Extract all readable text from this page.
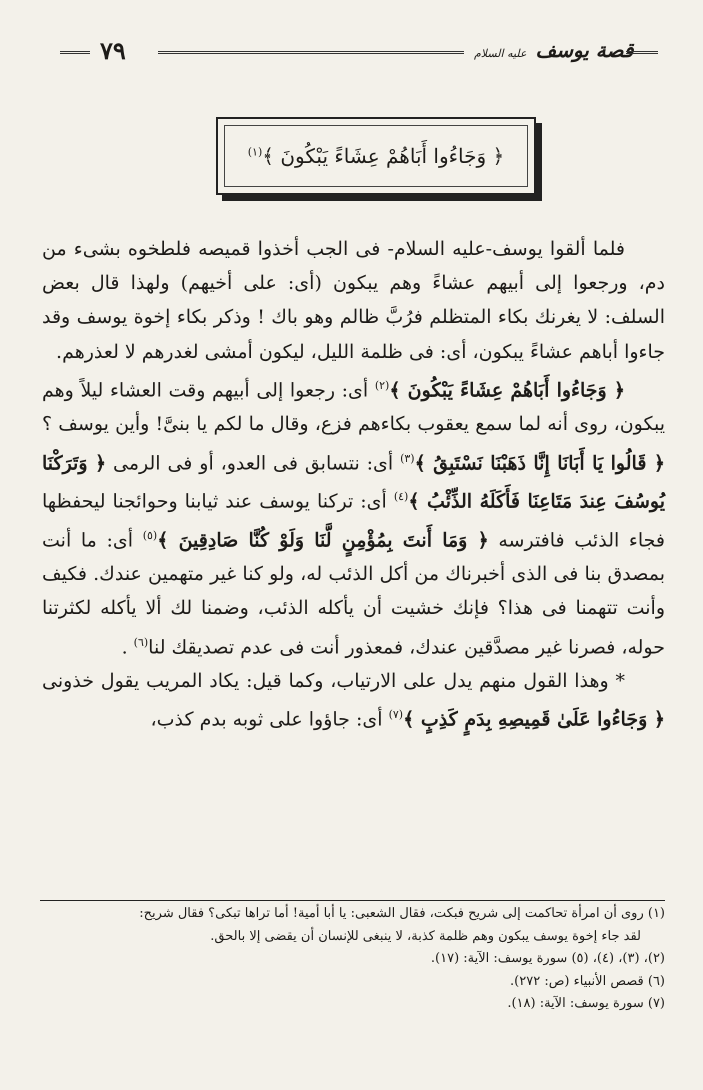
٧٩	قصة يوسف عليه السلام
﴿ وَجَاءُوا أَبَاهُمْ عِشَاءً يَبْكُونَ ﴾$^{(١)}$

فلما ألقوا يوسف-عليه السلام- فى الجب أخذوا قميصه فلطخوه بشىء من دم، ورجعوا إلى أبيهم عشاءً وهم يبكون (أى: على أخيهم) ولهذا قال بعض السلف: لا يغرنك بكاء المتظلم فرُبَّ ظالم وهو باك ! وذكر بكاء إخوة يوسف وقد جاءوا أباهم عشاءً يبكون، أى: فى ظلمة الليل، ليكون أمشى لغدرهم لا لعذرهم.

﴿ وَجَاءُوا أَبَاهُمْ عِشَاءً يَبْكُونَ ﴾$^{(٢)}$ أى: رجعوا إلى أبيهم وقت العشاء ليلاً وهم يبكون، روى أنه لما سمع يعقوب بكاءهم فزع، وقال ما لكم يا بنىَّ! وأين يوسف ؟ ﴿ قَالُوا يَا أَبَانَا إِنَّا ذَهَبْنَا نَسْتَبِقُ ﴾$^{(٣)}$ أى: نتسابق فى العدو، أو فى الرمى ﴿ وَتَرَكْنَا يُوسُفَ عِندَ مَتَاعِنَا فَأَكَلَهُ الذِّئْبُ ﴾$^{(٤)}$ أى: تركنا يوسف عند ثيابنا وحوائجنا ليحفظها فجاء الذئب فافترسه ﴿ وَمَا أَنتَ بِمُؤْمِنٍ لَّنَا وَلَوْ كُنَّا صَادِقِينَ ﴾$^{(٥)}$ أى: ما أنت بمصدق بنا فى الذى أخبرناك من أكل الذئب له، ولو كنا غير متهمين عندك. فكيف وأنت تتهمنا فى هذا؟ فإنك خشيت أن يأكله الذئب، وضمنا لك ألا يأكله لكثرتنا حوله، فصرنا غير مصدَّقين عندك، فمعذور أنت فى عدم تصديقك لنا$^{(٦)}$ .

* وهذا القول منهم يدل على الارتياب، وكما قيل: يكاد المريب يقول خذونى ﴿ وَجَاءُوا عَلَىٰ قَمِيصِهِ بِدَمٍ كَذِبٍ ﴾$^{(٧)}$ أى: جاؤوا على ثوبه بدم كذب،

(١) روى أن امرأة تحاكمت إلى شريح فبكت، فقال الشعبى: يا أبا أمية! أما تراها تبكى؟ فقال شريح:
لقد جاء إخوة يوسف يبكون وهم ظلمة كذبة، لا ينبغى للإنسان أن يقضى إلا بالحق.
(٢)، (٣)، (٤)، (٥) سورة يوسف: الآية: (١٧).
(٦) قصص الأنبياء (ص: ٢٧٢).
(٧) سورة يوسف: الآية: (١٨).
